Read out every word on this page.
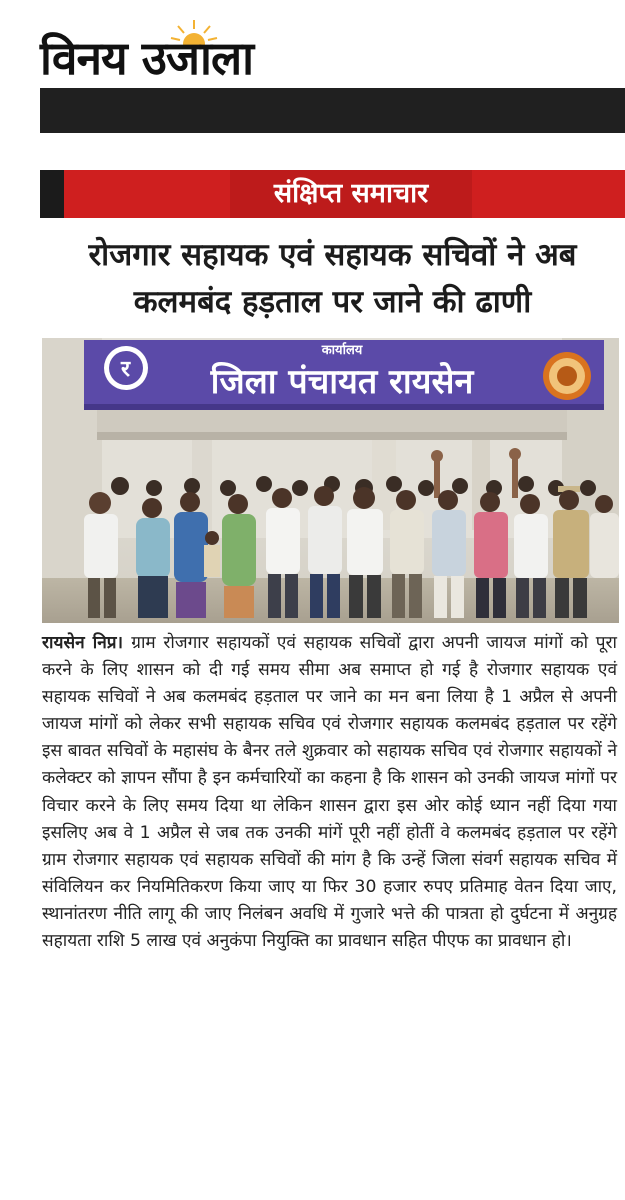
विनय उजाला
संक्षिप्त समाचार
रोजगार सहायक एवं सहायक सचिवों ने अब
कलमबंद हड़ताल पर जाने की ढाणी
र
कार्यालय
जिला पंचायत रायसेन
रायसेन निप्र। ग्राम रोजगार सहायकों एवं सहायक सचिवों द्वारा अपनी जायज मांगों को पूरा करने के लिए शासन को दी गई समय सीमा अब समाप्त हो गई है रोजगार सहायक एवं सहायक सचिवों ने अब कलमबंद हड़ताल पर जाने का मन बना लिया है 1 अप्रैल से अपनी जायज मांगों को लेकर सभी सहायक सचिव एवं रोजगार सहायक कलमबंद हड़ताल पर रहेंगे इस बावत सचिवों के महासंघ के बैनर तले शुक्रवार को सहायक सचिव एवं रोजगार सहायकों ने कलेक्टर को ज्ञापन सौंपा है इन कर्मचारियों का कहना है कि शासन को उनकी जायज मांगों पर विचार करने के लिए समय दिया था लेकिन शासन द्वारा इस ओर कोई ध्यान नहीं दिया गया इसलिए अब वे 1 अप्रैल से जब तक उनकी मांगें पूरी नहीं होतीं वे कलमबंद हड़ताल पर रहेंगे ग्राम रोजगार सहायक एवं सहायक सचिवों की मांग है कि उन्हें जिला संवर्ग सहायक सचिव में संविलियन कर नियमितिकरण किया जाए या फिर 30 हजार रुपए प्रतिमाह वेतन दिया जाए, स्थानांतरण नीति लागू की जाए निलंबन अवधि में गुजारे भत्ते की पात्रता हो दुर्घटना में अनुग्रह सहायता राशि 5 लाख एवं अनुकंपा नियुक्ति का प्रावधान सहित पीएफ का प्रावधान हो।
